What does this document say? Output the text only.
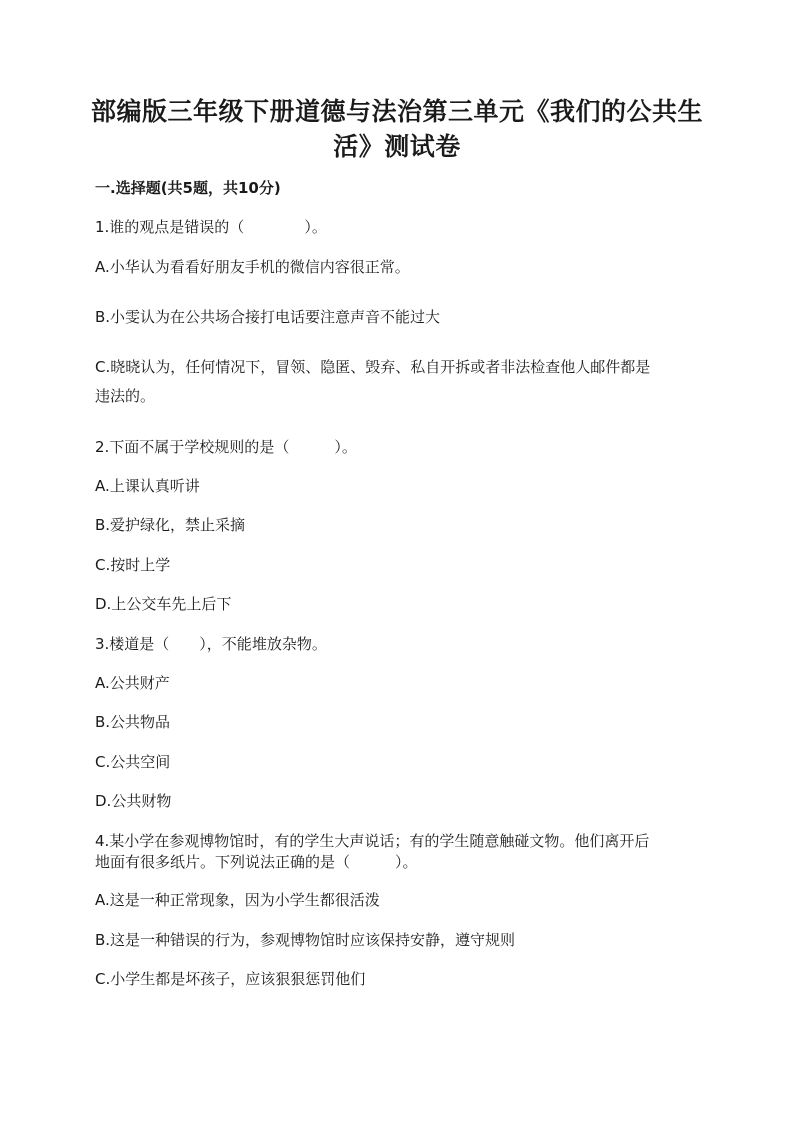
部编版三年级下册道德与法治第三单元《我们的公共生
活》测试卷

一.选择题(共5题，共10分)

1.谁的观点是错误的（　　　　）。

A.小华认为看看好朋友手机的微信内容很正常。

B.小雯认为在公共场合接打电话要注意声音不能过大

C.晓晓认为，任何情况下，冒领、隐匿、毁弃、私自开拆或者非法检查他人邮件都是

违法的。

2.下面不属于学校规则的是（　　　）。

A.上课认真听讲

B.爱护绿化，禁止采摘

C.按时上学

D.上公交车先上后下

3.楼道是（　　），不能堆放杂物。

A.公共财产

B.公共物品

C.公共空间

D.公共财物

4.某小学在参观博物馆时，有的学生大声说话；有的学生随意触碰文物。他们离开后

地面有很多纸片。下列说法正确的是（　　　）。

A.这是一种正常现象，因为小学生都很活泼

B.这是一种错误的行为，参观博物馆时应该保持安静，遵守规则

C.小学生都是坏孩子，应该狠狠惩罚他们
